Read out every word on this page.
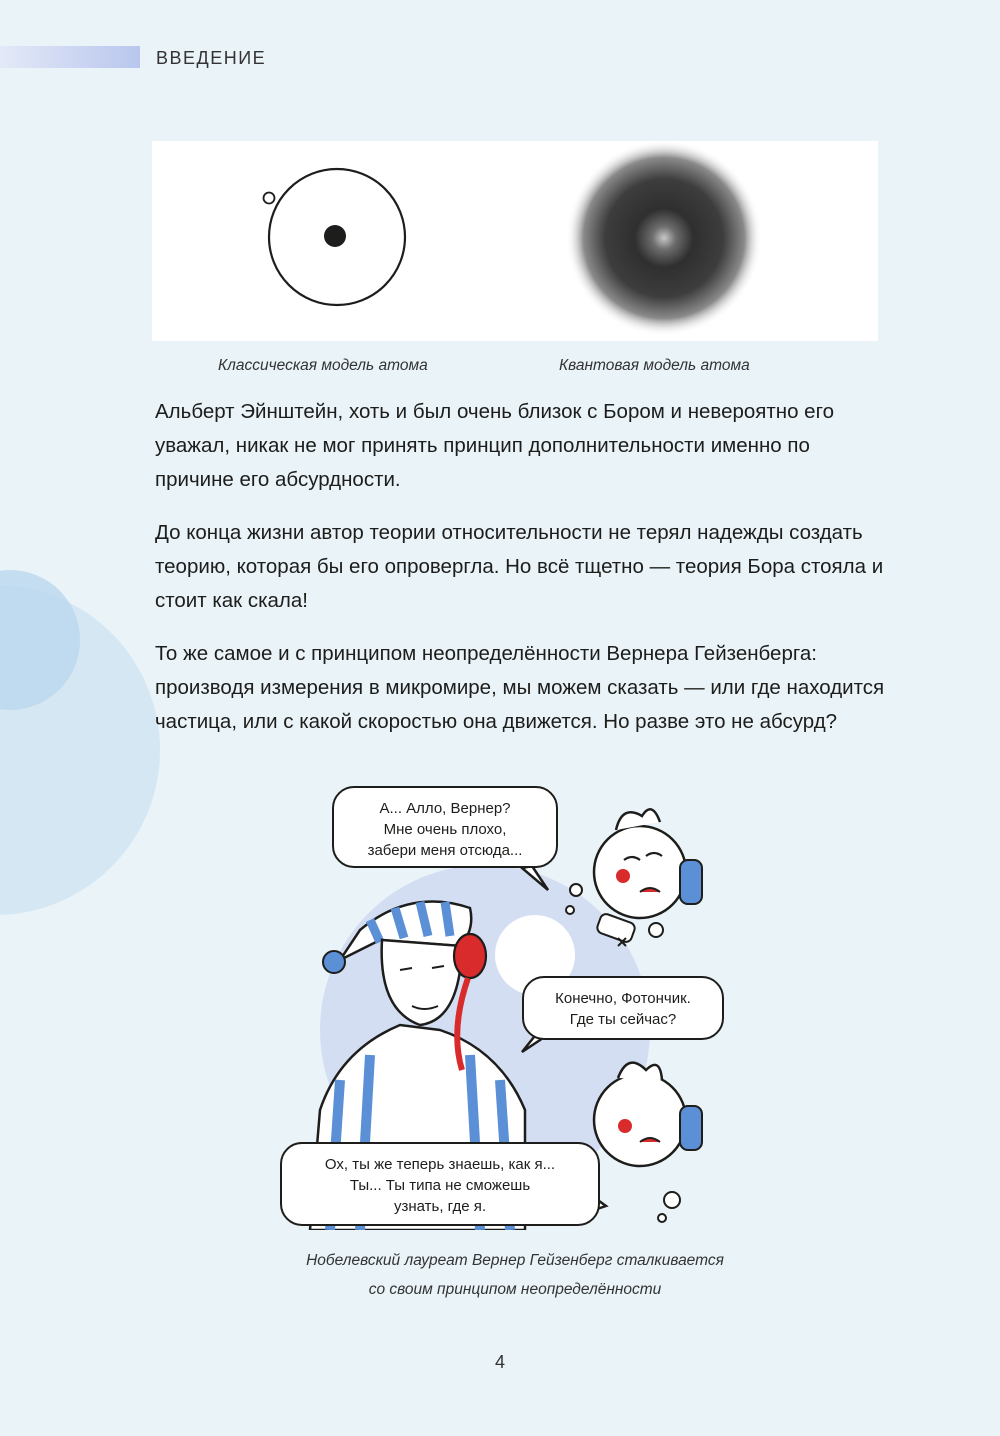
ВВЕДЕНИЕ
Классическая модель атома	Квантовая модель атома

Альберт Эйнштейн, хоть и был очень близок с Бором и невероятно его уважал, никак не мог принять принцип дополнительности именно по причине его абсурдности.

До конца жизни автор теории относительности не терял надежды создать теорию, которая бы его опровергла. Но всё тщетно — теория Бора стояла и стоит как скала!

То же самое и с принципом неопределённости Вернера Гейзенберга: производя измерения в микромире, мы можем сказать — или где находится частица, или с какой скоростью она движется. Но разве это не абсурд?

А... Алло, Вернер?
Мне очень плохо,
забери меня отсюда...
Конечно, Фотончик.
Где ты сейчас?
Ох, ты же теперь знаешь, как я...
Ты... Ты типа не сможешь
узнать, где я.
Нобелевский лауреат Вернер Гейзенберг сталкивается
со своим принципом неопределённости
4
